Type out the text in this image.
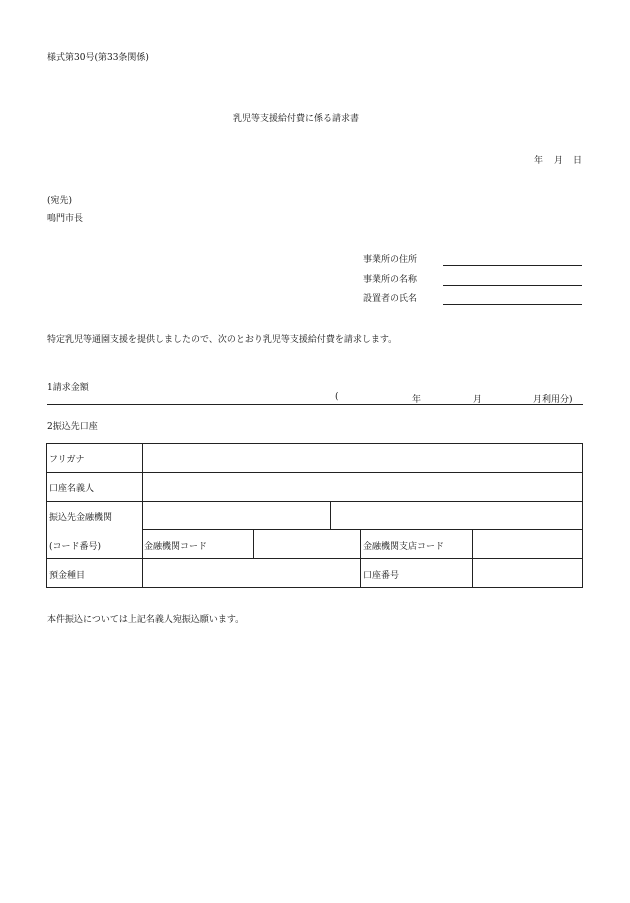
様式第30号(第33条関係)
乳児等支援給付費に係る請求書
年 月 日
(宛先)
鳴門市長
事業所の住所
事業所の名称
設置者の氏名
特定乳児等通園支援を提供しましたので、次のとおり乳児等支援給付費を請求します。
1請求金額
(	年	月	月利用分)
2振込先口座
フリガナ
口座名義人
振込先金融機関
(コード番号)	金融機関コード	金融機関支店コード
預金種目	口座番号
本件振込については上記名義人宛振込願います。
